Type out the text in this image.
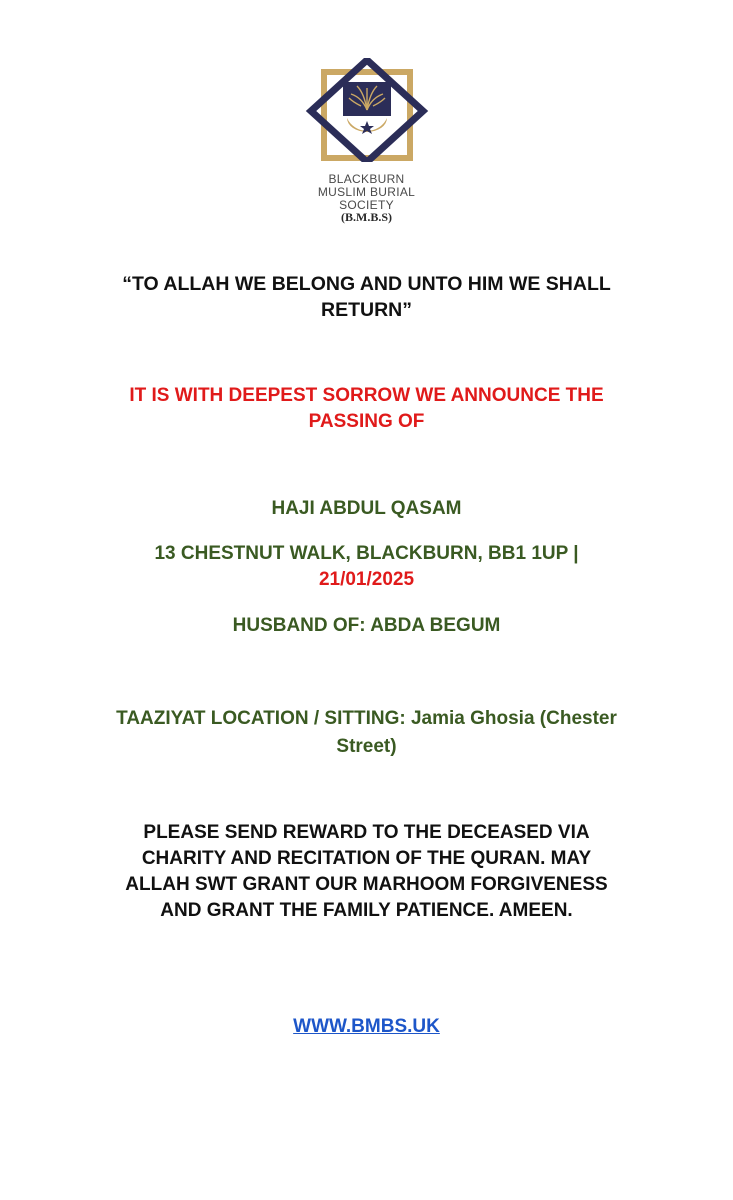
BLACKBURN
MUSLIM BURIAL
SOCIETY
(B.M.B.S)
“TO ALLAH WE BELONG AND UNTO HIM WE SHALL RETURN”
IT IS WITH DEEPEST SORROW WE ANNOUNCE THE PASSING OF
HAJI ABDUL QASAM
13 CHESTNUT WALK, BLACKBURN, BB1 1UP |
21/01/2025
HUSBAND OF: ABDA BEGUM
TAAZIYAT LOCATION / SITTING: Jamia Ghosia (Chester Street)
PLEASE SEND REWARD TO THE DECEASED VIA CHARITY AND RECITATION OF THE QURAN. MAY ALLAH SWT GRANT OUR MARHOOM FORGIVENESS AND GRANT THE FAMILY PATIENCE. AMEEN.
WWW.BMBS.UK
